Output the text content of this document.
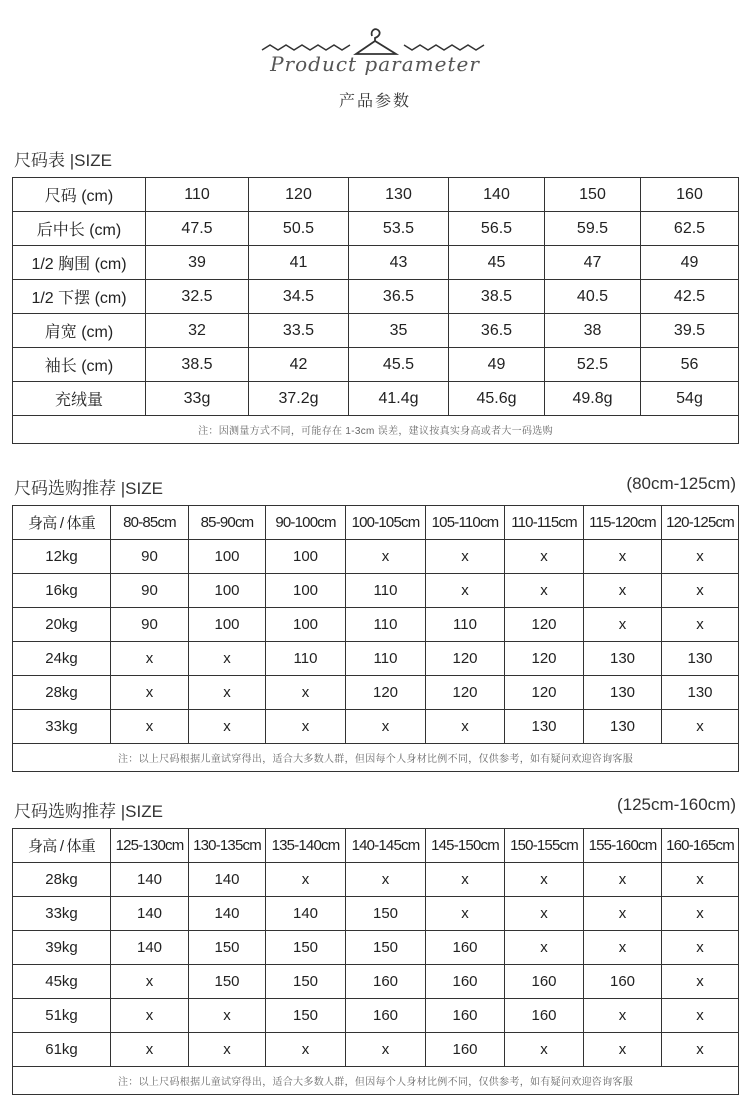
Product parameter
产品参数
尺码表 |SIZE
尺码 (cm)	110	120	130	140	150	160
后中长 (cm)	47.5	50.5	53.5	56.5	59.5	62.5
1/2 胸围 (cm)	39	41	43	45	47	49
1/2 下摆 (cm)	32.5	34.5	36.5	38.5	40.5	42.5
肩宽 (cm)	32	33.5	35	36.5	38	39.5
袖长 (cm)	38.5	42	45.5	49	52.5	56
充绒量	33g	37.2g	41.4g	45.6g	49.8g	54g
注：因测量方式不同，可能存在 1-3cm 误差，建议按真实身高或者大一码选购						
尺码选购推荐 |SIZE	(80cm-125cm)
身高 / 体重	80-85cm	85-90cm	90-100cm	100-105cm	105-110cm	110-115cm	115-120cm	120-125cm
12kg	90	100	100	x	x	x	x	x
16kg	90	100	100	110	x	x	x	x
20kg	90	100	100	110	110	120	x	x
24kg	x	x	110	110	120	120	130	130
28kg	x	x	x	120	120	120	130	130
33kg	x	x	x	x	x	130	130	x
注：以上尺码根据儿童试穿得出，适合大多数人群，但因每个人身材比例不同，仅供参考，如有疑问欢迎咨询客服								
尺码选购推荐 |SIZE	(125cm-160cm)
身高 / 体重	125-130cm	130-135cm	135-140cm	140-145cm	145-150cm	150-155cm	155-160cm	160-165cm
28kg	140	140	x	x	x	x	x	x
33kg	140	140	140	150	x	x	x	x
39kg	140	150	150	150	160	x	x	x
45kg	x	150	150	160	160	160	160	x
51kg	x	x	150	160	160	160	x	x
61kg	x	x	x	x	160	x	x	x
注：以上尺码根据儿童试穿得出，适合大多数人群，但因每个人身材比例不同，仅供参考，如有疑问欢迎咨询客服								
